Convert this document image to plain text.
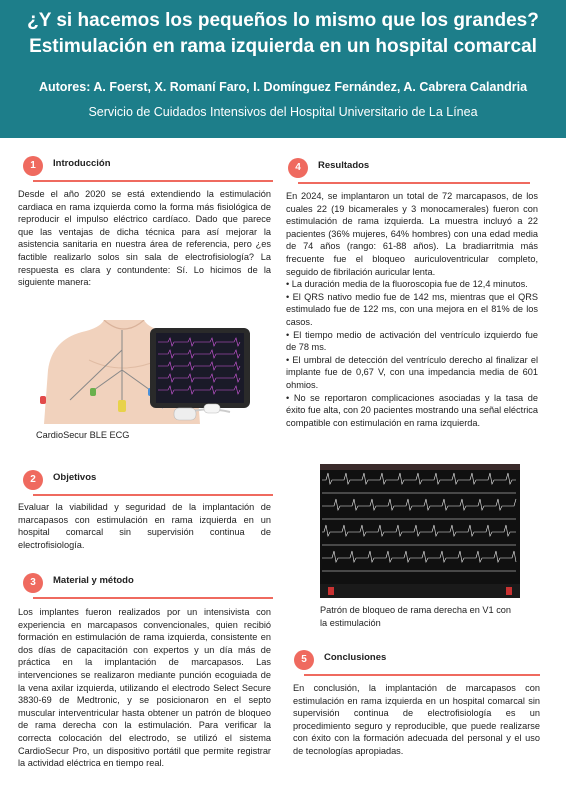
¿Y si hacemos los pequeños lo mismo que los grandes?
Estimulación en rama izquierda en un hospital comarcal
Autores: A. Foerst, X. Romaní Faro, I. Domínguez Fernández, A. Cabrera Calandria
Servicio de Cuidados Intensivos del Hospital Universitario de La Línea
1	Introducción
Desde el año 2020 se está extendiendo la estimulación cardiaca en rama izquierda como la forma más fisiológica de reproducir el impulso eléctrico cardíaco. Dado que parece que las ventajas de dicha técnica para así mejorar la asistencia sanitaria en nuestra área de referencia, pero ¿es factible realizarlo solos sin sala de electrofisiología? La respuesta es clara y contundente: Sí. Lo hicimos de la siguiente manera:
CardioSecur BLE ECG
2	Objetivos
Evaluar la viabilidad y seguridad de la implantación de marcapasos con estimulación en rama izquierda en un hospital comarcal sin supervisión continua de electrofisiología.
3	Material y método
Los implantes fueron realizados por un intensivista con experiencia en marcapasos convencionales, quien recibió formación en estimulación de rama izquierda, consistente en dos días de capacitación con expertos y un día más de práctica en la implantación de marcapasos. Las intervenciones se realizaron mediante punción ecoguiada de la vena axilar izquierda, utilizando el electrodo Select Secure 3830-69 de Medtronic, y se posicionaron en el septo muscular interventricular hasta obtener un patrón de bloqueo de rama derecha con la estimulación. Para verificar la correcta colocación del electrodo, se utilizó el sistema CardioSecur Pro, un dispositivo portátil que permite registrar la actividad eléctrica en tiempo real.
4	Resultados

En 2024, se implantaron un total de 72 marcapasos, de los cuales 22 (19 bicamerales y 3 monocamerales) fueron con estimulación de rama izquierda. La muestra incluyó a 22 pacientes (36% mujeres, 64% hombres) con una edad media de 74 años (rango: 61-88 años). La bradiarritmia más frecuente fue el bloqueo auriculoventricular completo, seguido de fibrilación auricular lenta.

• La duración media de la fluoroscopia fue de 12,4 minutos.

• El QRS nativo medio fue de 142 ms, mientras que el QRS estimulado fue de 122 ms, con una mejora en el 81% de los casos.

• El tiempo medio de activación del ventrículo izquierdo fue de 78 ms.

• El umbral de detección del ventrículo derecho al finalizar el implante fue de 0,67 V, con una impedancia media de 601 ohmios.

• No se reportaron complicaciones asociadas y la tasa de éxito fue alta, con 20 pacientes mostrando una señal eléctrica compatible con estimulación en rama izquierda.

Patrón de bloqueo de rama derecha en V1 con la estimulación
5	Conclusiones
En conclusión, la implantación de marcapasos con estimulación en rama izquierda en un hospital comarcal sin supervisión continua de electrofisiología es un procedimiento seguro y reproducible, que puede realizarse con éxito con la formación adecuada del personal y el uso de tecnologías apropiadas.
